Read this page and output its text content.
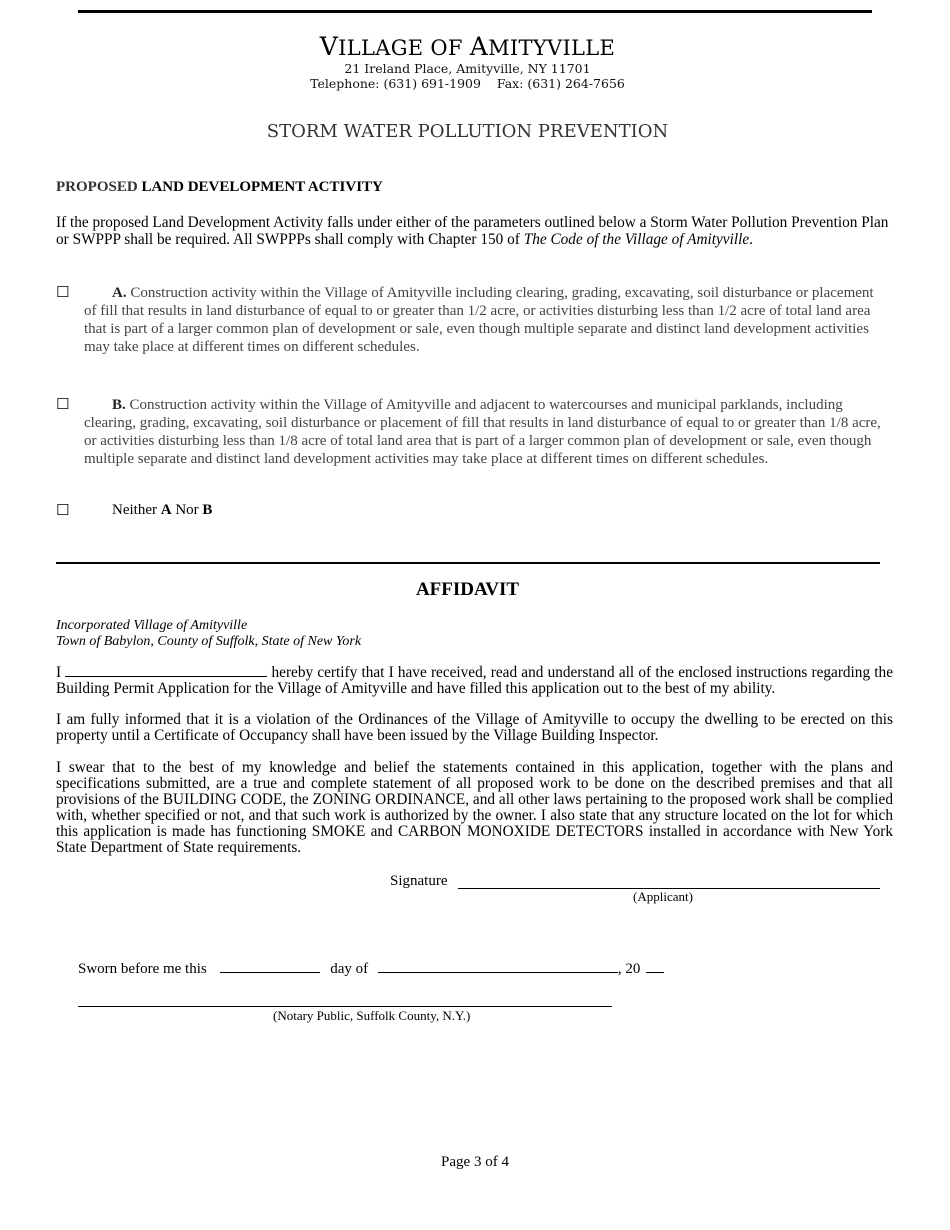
VILLAGE OF AMITYVILLE
21 Ireland Place, Amityville, NY 11701
Telephone: (631) 691-1909 Fax: (631) 264-7656
STORM WATER POLLUTION PREVENTION
PROPOSED LAND DEVELOPMENT ACTIVITY
If the proposed Land Development Activity falls under either of the parameters outlined below a Storm Water Pollution Prevention Plan or SWPPP shall be required. All SWPPPs shall comply with Chapter 150 of The Code of the Village of Amityville.
☐	A. Construction activity within the Village of Amityville including clearing, grading, excavating, soil disturbance or placement of fill that results in land disturbance of equal to or greater than 1/2 acre, or activities disturbing less than 1/2 acre of total land area that is part of a larger common plan of development or sale, even though multiple separate and distinct land development activities may take place at different times on different schedules.
☐	B. Construction activity within the Village of Amityville and adjacent to watercourses and municipal parklands, including clearing, grading, excavating, soil disturbance or placement of fill that results in land disturbance of equal to or greater than 1/8 acre, or activities disturbing less than 1/8 acre of total land area that is part of a larger common plan of development or sale, even though multiple separate and distinct land development activities may take place at different times on different schedules.
☐	Neither A Nor B
AFFIDAVIT
Incorporated Village of Amityville
Town of Babylon, County of Suffolk, State of New York
I	hereby certify that I have received, read and understand all of the enclosed instructions regarding the Building Permit Application for the Village of Amityville and have filled this application out to the best of my ability.
I am fully informed that it is a violation of the Ordinances of the Village of Amityville to occupy the dwelling to be erected on this property until a Certificate of Occupancy shall have been issued by the Village Building Inspector.
I swear that to the best of my knowledge and belief the statements contained in this application, together with the plans and specifications submitted, are a true and complete statement of all proposed work to be done on the described premises and that all provisions of the BUILDING CODE, the ZONING ORDINANCE, and all other laws pertaining to the proposed work shall be complied with, whether specified or not, and that such work is authorized by the owner. I also state that any structure located on the lot for which this application is made has functioning SMOKE and CARBON MONOXIDE DETECTORS installed in accordance with New York State Department of State requirements.
Signature
(Applicant)
Sworn before me this	day of	, 20
(Notary Public, Suffolk County, N.Y.)
Page 3 of 4
